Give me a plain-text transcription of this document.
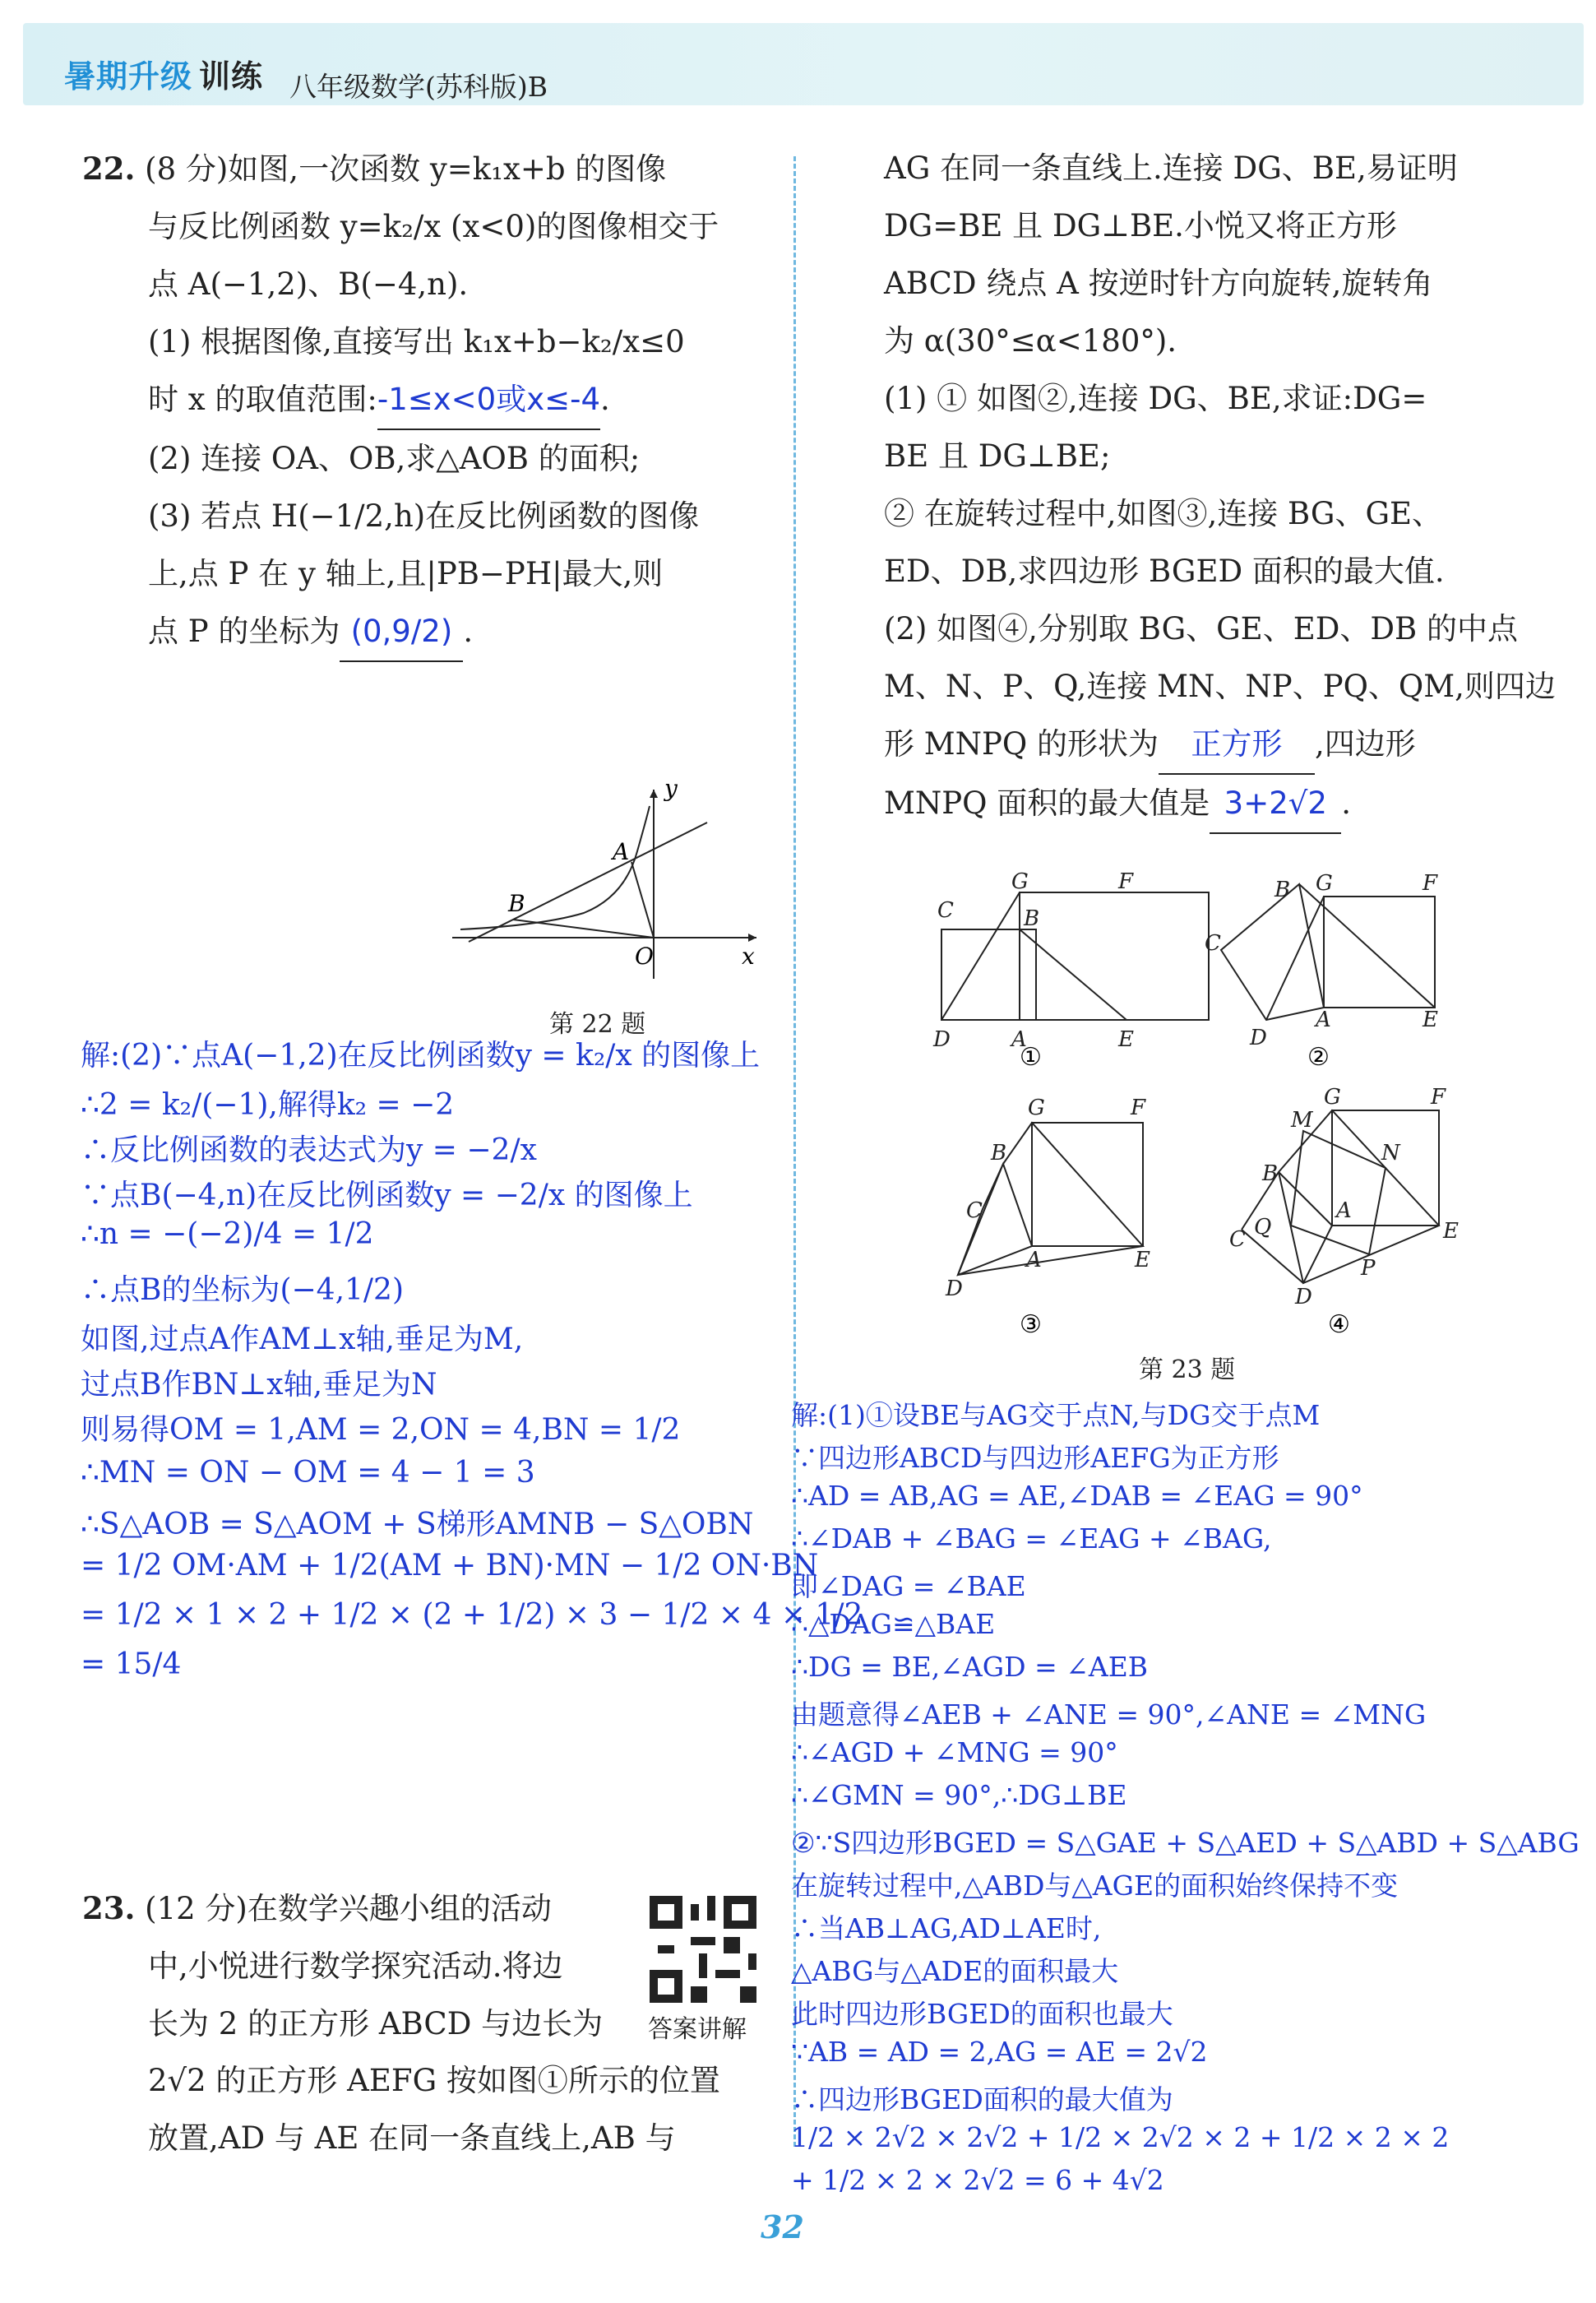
暑期升级 训练 八年级数学(苏科版)B
22. (8 分)如图,一次函数 y=k₁x+b 的图像
与反比例函数 y=k₂/x (x<0)的图像相交于
点 A(−1,2)、B(−4,n).
(1) 根据图像,直接写出 k₁x+b−k₂/x≤0
时 x 的取值范围:-1≤x<0或x≤-4.
(2) 连接 OA、OB,求△AOB 的面积;
(3) 若点 H(−1/2,h)在反比例函数的图像
上,点 P 在 y 轴上,且|PB−PH|最大,则
点 P 的坐标为 (0,9/2) .
y
x
O
A
B
第 22 题
解:(2)∵点A(−1,2)在反比例函数y = k₂/x 的图像上
∴2 = k₂/(−1),解得k₂ = −2
∴反比例函数的表达式为y = −2/x
∵点B(−4,n)在反比例函数y = −2/x 的图像上
∴n = −(−2)/4 = 1/2
∴点B的坐标为(−4,1/2)
如图,过点A作AM⊥x轴,垂足为M,
过点B作BN⊥x轴,垂足为N
则易得OM = 1,AM = 2,ON = 4,BN = 1/2
∴MN = ON − OM = 4 − 1 = 3
∴S△AOB = S△AOM + S梯形AMNB − S△OBN
= 1/2 OM·AM + 1/2(AM + BN)·MN − 1/2 ON·BN
= 1/2 × 1 × 2 + 1/2 × (2 + 1/2) × 3 − 1/2 × 4 × 1/2
= 15/4
23. (12 分)在数学兴趣小组的活动
中,小悦进行数学探究活动.将边
长为 2 的正方形 ABCD 与边长为
2√2 的正方形 AEFG 按如图①所示的位置
放置,AD 与 AE 在同一条直线上,AB 与
答案讲解
AG 在同一条直线上.连接 DG、BE,易证明
DG=BE 且 DG⊥BE.小悦又将正方形
ABCD 绕点 A 按逆时针方向旋转,旋转角
为 α(30°≤α<180°).
(1) ① 如图②,连接 DG、BE,求证:DG=
BE 且 DG⊥BE;
② 在旋转过程中,如图③,连接 BG、GE、
ED、DB,求四边形 BGED 面积的最大值.
(2) 如图④,分别取 BG、GE、ED、DB 的中点
M、N、P、Q,连接 MN、NP、PQ、QM,则四边
形 MNPQ 的形状为 正方形 ,四边形
MNPQ 面积的最大值是 3+2√2 .
C
G	F
B
D	A	E
①
G	F
B
C
A	E
D
②
G	F
B
C
A	E
D
③
G	F
M
N
B
Q
A
C	E
P
D
④
第 23 题
解:(1)①设BE与AG交于点N,与DG交于点M
∵四边形ABCD与四边形AEFG为正方形
∴AD = AB,AG = AE,∠DAB = ∠EAG = 90°
∴∠DAB + ∠BAG = ∠EAG + ∠BAG,
即∠DAG = ∠BAE
∴△DAG≌△BAE
∴DG = BE,∠AGD = ∠AEB
由题意得∠AEB + ∠ANE = 90°,∠ANE = ∠MNG
∴∠AGD + ∠MNG = 90°
∴∠GMN = 90°,∴DG⊥BE
②∵S四边形BGED = S△GAE + S△AED + S△ABD + S△ABG
在旋转过程中,△ABD与△AGE的面积始终保持不变
∴当AB⊥AG,AD⊥AE时,
△ABG与△ADE的面积最大
此时四边形BGED的面积也最大
∵AB = AD = 2,AG = AE = 2√2
∴四边形BGED面积的最大值为
1/2 × 2√2 × 2√2 + 1/2 × 2√2 × 2 + 1/2 × 2 × 2
+ 1/2 × 2 × 2√2 = 6 + 4√2
32
